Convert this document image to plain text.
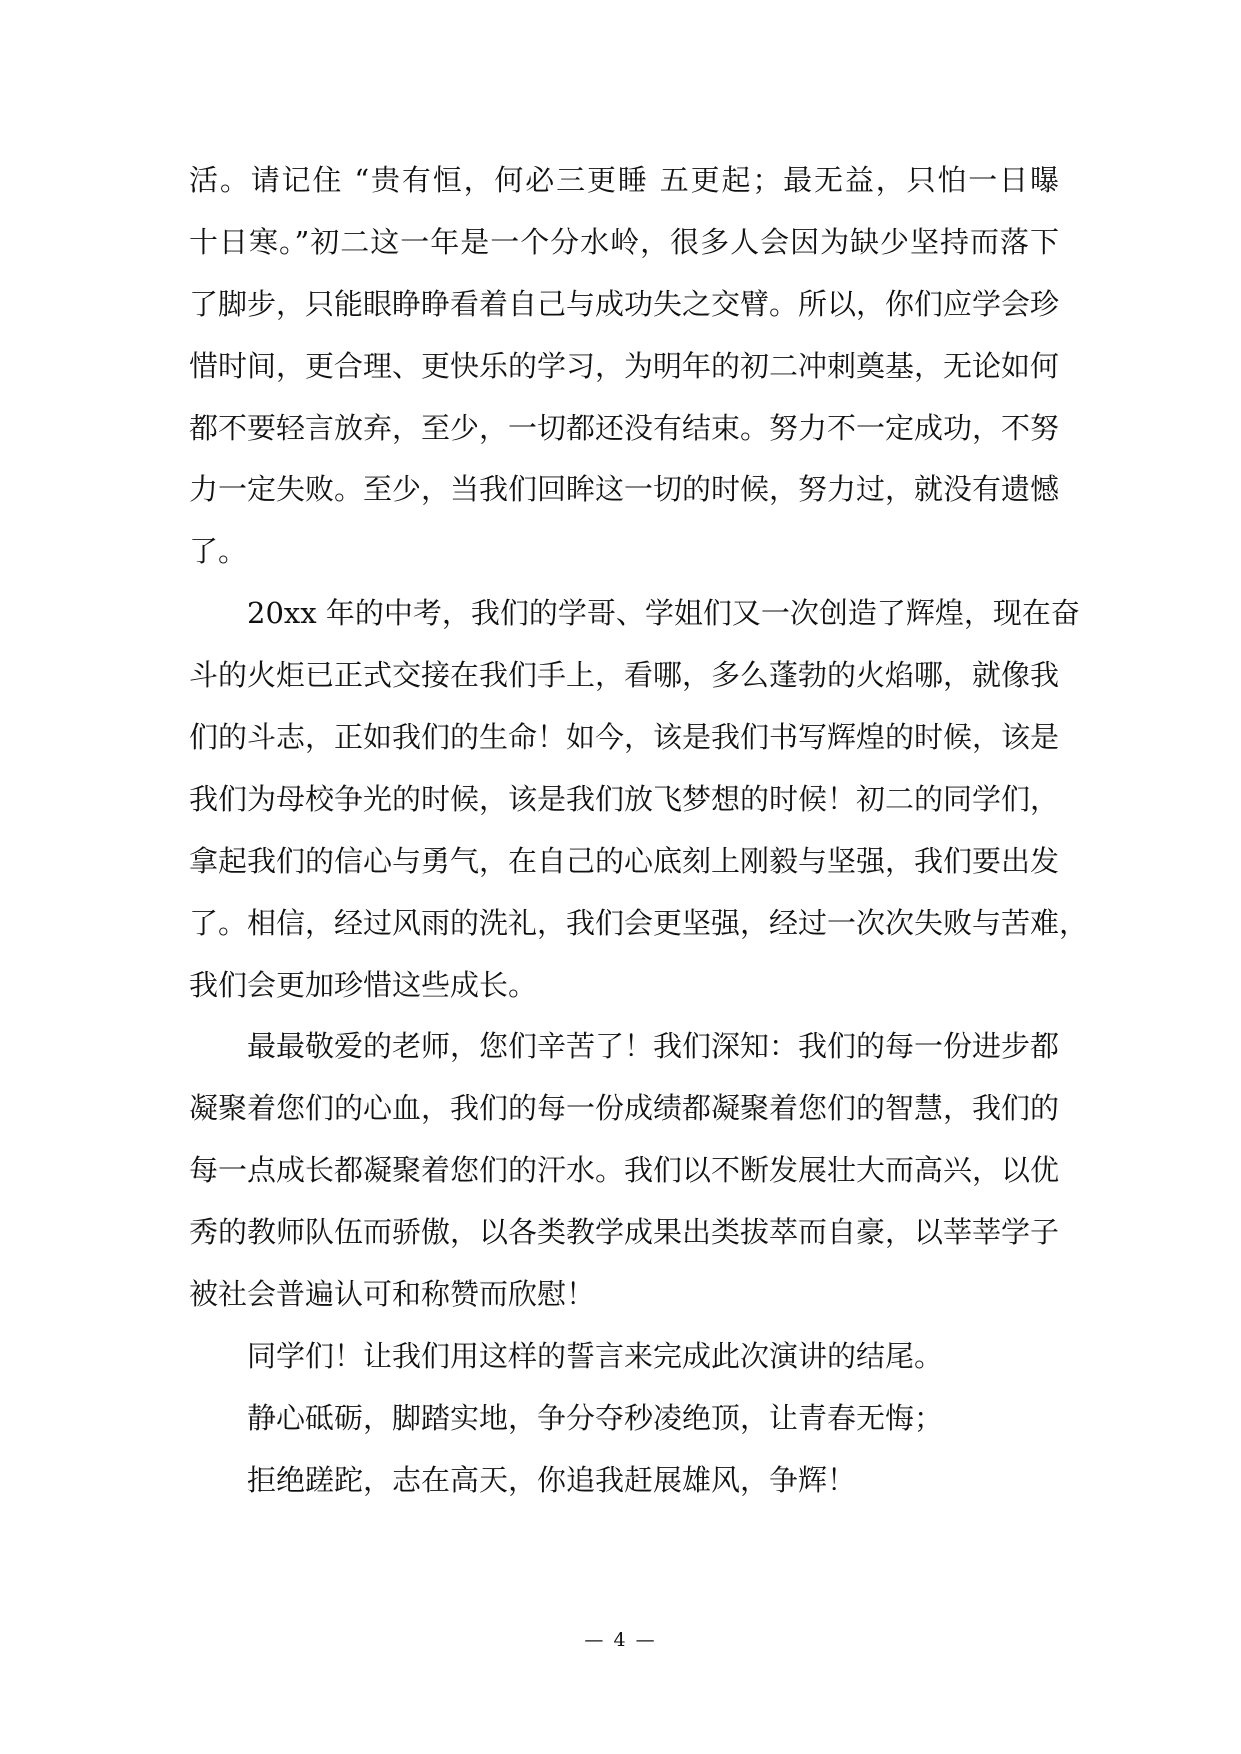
活。请记住 “贵有恒，何必三更睡 五更起；最无益，只怕一日曝
十日寒。”初二这一年是一个分水岭，很多人会因为缺少坚持而落下
了脚步，只能眼睁睁看着自己与成功失之交臂。所以，你们应学会珍
惜时间，更合理、更快乐的学习，为明年的初二冲刺奠基，无论如何
都不要轻言放弃，至少，一切都还没有结束。努力不一定成功，不努
力一定失败。至少，当我们回眸这一切的时候，努力过，就没有遗憾
了。
20xx 年的中考，我们的学哥、学姐们又一次创造了辉煌，现在奋
斗的火炬已正式交接在我们手上，看哪，多么蓬勃的火焰哪，就像我
们的斗志，正如我们的生命！如今，该是我们书写辉煌的时候，该是
我们为母校争光的时候，该是我们放飞梦想的时候！初二的同学们，
拿起我们的信心与勇气，在自己的心底刻上刚毅与坚强，我们要出发
了。相信，经过风雨的洗礼，我们会更坚强，经过一次次失败与苦难，
我们会更加珍惜这些成长。
最最敬爱的老师，您们辛苦了！我们深知：我们的每一份进步都
凝聚着您们的心血，我们的每一份成绩都凝聚着您们的智慧，我们的
每一点成长都凝聚着您们的汗水。我们以不断发展壮大而高兴，以优
秀的教师队伍而骄傲，以各类教学成果出类拔萃而自豪，以莘莘学子
被社会普遍认可和称赞而欣慰！
同学们！让我们用这样的誓言来完成此次演讲的结尾。
静心砥砺，脚踏实地，争分夺秒凌绝顶，让青春无悔；
拒绝蹉跎，志在高天，你追我赶展雄风，争辉！
— 4 —
